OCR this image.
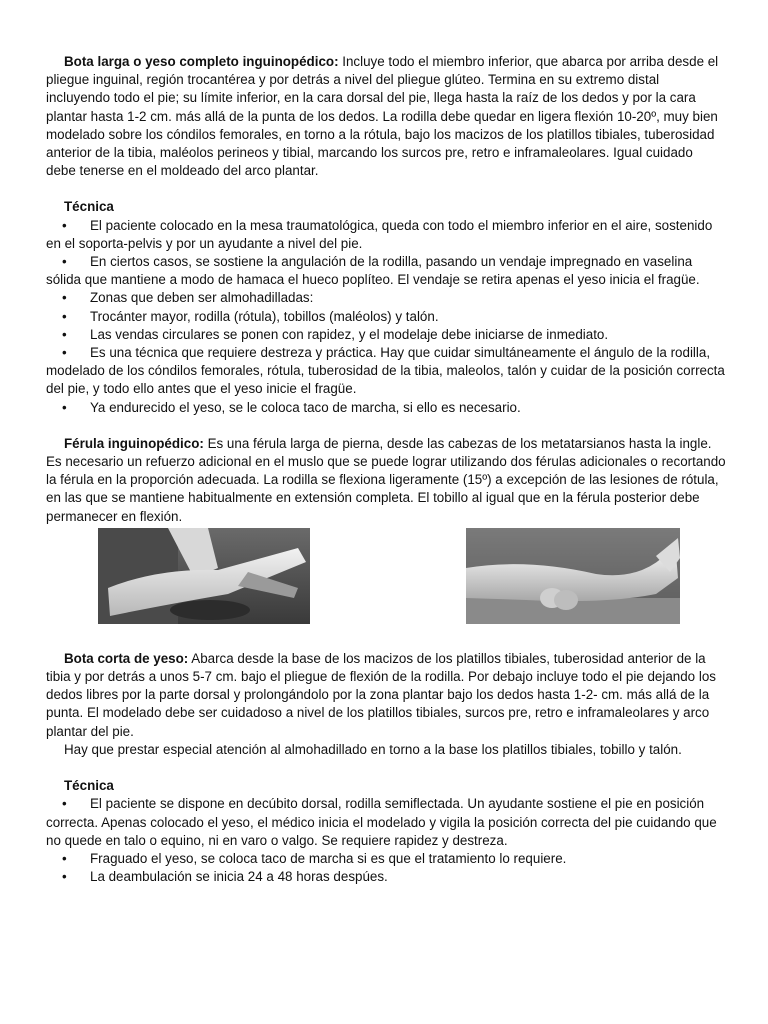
Bota larga o yeso completo inguinopédico: Incluye todo el miembro inferior, que abarca por arriba desde el pliegue inguinal, región trocantérea y por detrás a nivel del pliegue glúteo. Termina en su extremo distal incluyendo todo el pie; su límite inferior, en la cara dorsal del pie, llega hasta la raíz de los dedos y por la cara plantar hasta 1-2 cm. más allá de la punta de los dedos. La rodilla debe quedar en ligera flexión 10-20º, muy bien modelado sobre los cóndilos femorales, en torno a la rótula, bajo los macizos de los platillos tibiales, tuberosidad anterior de la tibia, maléolos perineos y tibial, marcando los surcos pre, retro e inframaleolares. Igual cuidado debe tenerse en el moldeado del arco plantar.

Técnica

• El paciente colocado en la mesa traumatológica, queda con todo el miembro inferior en el aire, sostenido en el soporta-pelvis y por un ayudante a nivel del pie.
• En ciertos casos, se sostiene la angulación de la rodilla, pasando un vendaje impregnado en vaselina sólida que mantiene a modo de hamaca el hueco poplíteo. El vendaje se retira apenas el yeso inicia el fragüe.
• Zonas que deben ser almohadilladas:
• Trocánter mayor, rodilla (rótula), tobillos (maléolos) y talón.
• Las vendas circulares se ponen con rapidez, y el modelaje debe iniciarse de inmediato.
• Es una técnica que requiere destreza y práctica. Hay que cuidar simultáneamente el ángulo de la rodilla, modelado de los cóndilos femorales, rótula, tuberosidad de la tibia, maleolos, talón y cuidar de la posición correcta del pie, y todo ello antes que el yeso inicie el fragüe.
• Ya endurecido el yeso, se le coloca taco de marcha, si ello es necesario.

Férula inguinopédico: Es una férula larga de pierna, desde las cabezas de los metatarsianos hasta la ingle. Es necesario un refuerzo adicional en el muslo que se puede lograr utilizando dos férulas adicionales o recortando la férula en la proporción adecuada. La rodilla se flexiona ligeramente (15º) a excepción de las lesiones de rótula, en las que se mantiene habitualmente en extensión completa. El tobillo al igual que en la férula posterior debe permanecer en flexión.

Bota corta de yeso: Abarca desde la base de los macizos de los platillos tibiales, tuberosidad anterior de la tibia y por detrás a unos 5-7 cm. bajo el pliegue de flexión de la rodilla. Por debajo incluye todo el pie dejando los dedos libres por la parte dorsal y prolongándolo por la zona plantar bajo los dedos hasta 1-2- cm. más allá de la punta. El modelado debe ser cuidadoso a nivel de los platillos tibiales, surcos pre, retro e inframaleolares y arco plantar del pie.

Hay que prestar especial atención al almohadillado en torno a la base los platillos tibiales, tobillo y talón.

Técnica

• El paciente se dispone en decúbito dorsal, rodilla semiflectada. Un ayudante sostiene el pie en posición correcta. Apenas colocado el yeso, el médico inicia el modelado y vigila la posición correcta del pie cuidando que no quede en talo o equino, ni en varo o valgo. Se requiere rapidez y destreza.
• Fraguado el yeso, se coloca taco de marcha si es que el tratamiento lo requiere.
• La deambulación se inicia 24 a 48 horas despúes.
